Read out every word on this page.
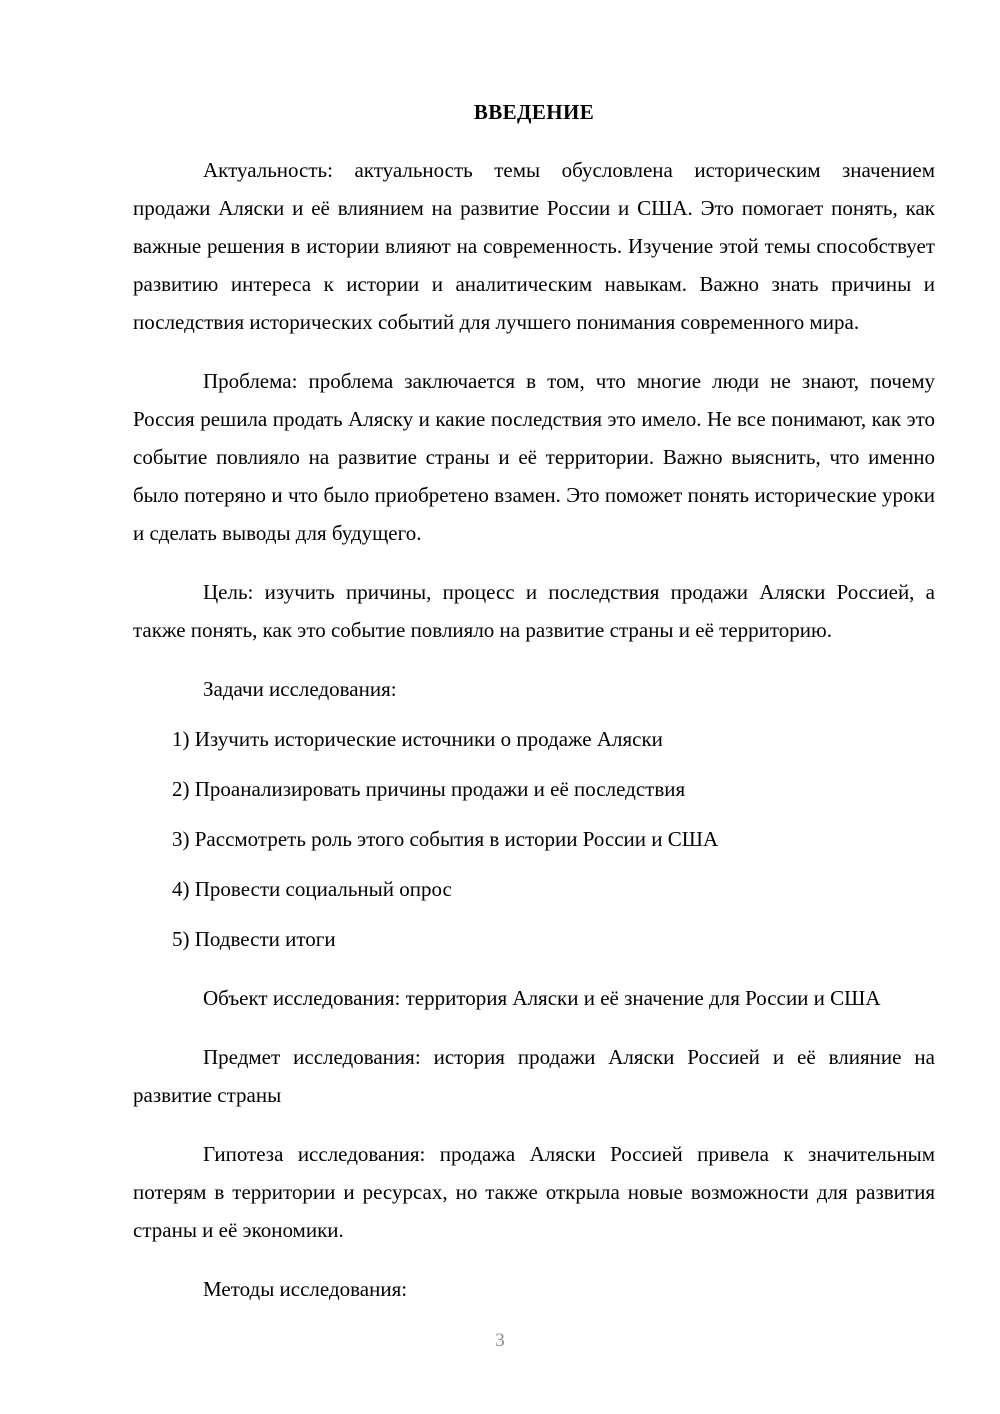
ВВЕДЕНИЕ

Актуальность: актуальность темы обусловлена историческим значением продажи Аляски и её влиянием на развитие России и США. Это помогает понять, как важные решения в истории влияют на современность. Изучение этой темы способствует развитию интереса к истории и аналитическим навыкам. Важно знать причины и последствия исторических событий для лучшего понимания современного мира.

Проблема: проблема заключается в том, что многие люди не знают, почему Россия решила продать Аляску и какие последствия это имело. Не все понимают, как это событие повлияло на развитие страны и её территории. Важно выяснить, что именно было потеряно и что было приобретено взамен. Это поможет понять исторические уроки и сделать выводы для будущего.

Цель: изучить причины, процесс и последствия продажи Аляски Россией, а также понять, как это событие повлияло на развитие страны и её территорию.

Задачи исследования:

1) Изучить исторические источники о продаже Аляски
2) Проанализировать причины продажи и её последствия
3) Рассмотреть роль этого события в истории России и США
4) Провести социальный опрос
5) Подвести итоги

Объект исследования: территория Аляски и её значение для России и США

Предмет исследования: история продажи Аляски Россией и её влияние на развитие страны

Гипотеза исследования: продажа Аляски Россией привела к значительным потерям в территории и ресурсах, но также открыла новые возможности для развития страны и её экономики.

Методы исследования:

3
